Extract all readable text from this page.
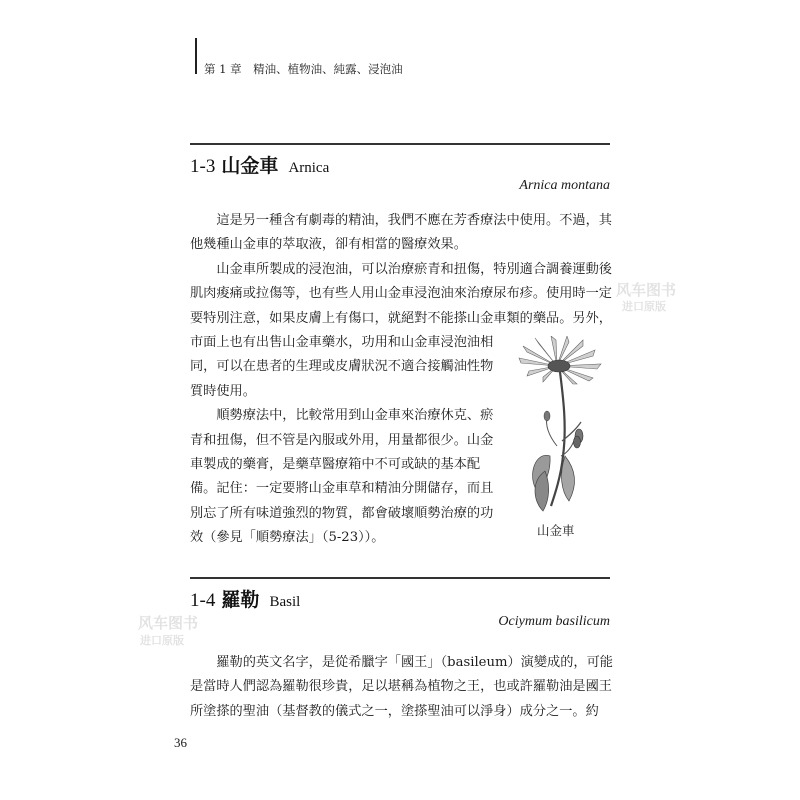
第 1 章　精油、植物油、純露、浸泡油
1-3 山金車 Arnica
Arnica montana
　　這是另一種含有劇毒的精油，我們不應在芳香療法中使用。不過，其
他幾種山金車的萃取液，卻有相當的醫療效果。
　　山金車所製成的浸泡油，可以治療瘀青和扭傷，特別適合調養運動後
肌肉痠痛或拉傷等，也有些人用山金車浸泡油來治療尿布疹。使用時一定
要特別注意，如果皮膚上有傷口，就絕對不能搽山金車類的藥品。另外，
市面上也有出售山金車藥水，功用和山金車浸泡油相
同，可以在患者的生理或皮膚狀況不適合接觸油性物
質時使用。
　　順勢療法中，比較常用到山金車來治療休克、瘀
青和扭傷，但不管是內服或外用，用量都很少。山金
車製成的藥膏，是藥草醫療箱中不可或缺的基本配
備。記住：一定要將山金車草和精油分開儲存，而且
別忘了所有味道強烈的物質，都會破壞順勢治療的功
效（參見「順勢療法」（5-23））。	山金車
1-4 羅勒 Basil
Ociymum basilicum
　　羅勒的英文名字，是從希臘字「國王」（basileum）演變成的，可能
是當時人們認為羅勒很珍貴，足以堪稱為植物之王，也或許羅勒油是國王
所塗搽的聖油（基督教的儀式之一，塗搽聖油可以淨身）成分之一。約
36
风车图书
进口原版
风车图书
进口原版
